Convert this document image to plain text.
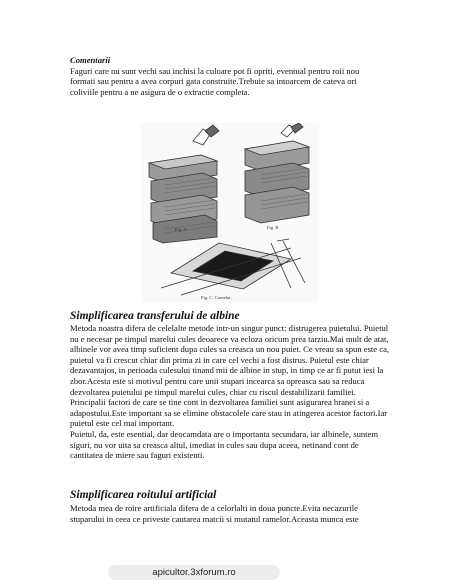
Comentarii
Faguri care nu sunt vechi sau inchisi la culoare pot fi opriti, eventual pentru roii nou
formati sau pentru a avea corpuri gata construite.Trebuie sa intoarcem de cateva ori
coliviile pentru a ne asigura de o extractie completa.
Fig. A.	Fig. B.
Fig. C. Carnelut.
Simplificarea transferului de albine
Metoda noastra difera de celelalte metode intr-un singur punct: distrugerea puietului. Puietul
nu e necesar pe timpul marelui cules deoarece va ecloza oricum prea tarziu.Mai mult de atat,
albinele vor avea timp suficient dupa cules sa creasca un nou puiet. Ce vreau sa spun este ca,
puietul va fi crescut chiar din prima zi in care cel vechi a fost distrus. Puietul este chiar
dezavantajos, in perioada culesului tinand mii de albine in stup, in timp ce ar fi putut iesi la
zbor.Acesta este si motivul pentru care unii stupari incearca sa opreasca sau sa reduca
dezvoltarea puietului pe timpul marelui cules, chiar cu riscul destabilizarii familiei.
Principalii factori de care se tine cont in dezvoltarea familiei sunt asigurarea hranei si a
adapostului.Este important sa se elimine obstacolele care stau in atingerea acestor factori.Iar
puietul este cel mai important.
Puietul, da, este esential, dar deocamdata are o importanta secundara, iar albinele, suntem
siguri, nu vor uita sa creasca altul, imediat in cules sau dupa aceea, netinand cont de
cantitatea de miere sau faguri existenti.
Simplificarea roitului artificial
Metoda mea de roire artificiala difera de a celorlalti in doua puncte.Evita necazurile
stuparului in ceea ce priveste cautarea matcii si mutatul ramelor.Aceasta munca este
apicultor.3xforum.ro
